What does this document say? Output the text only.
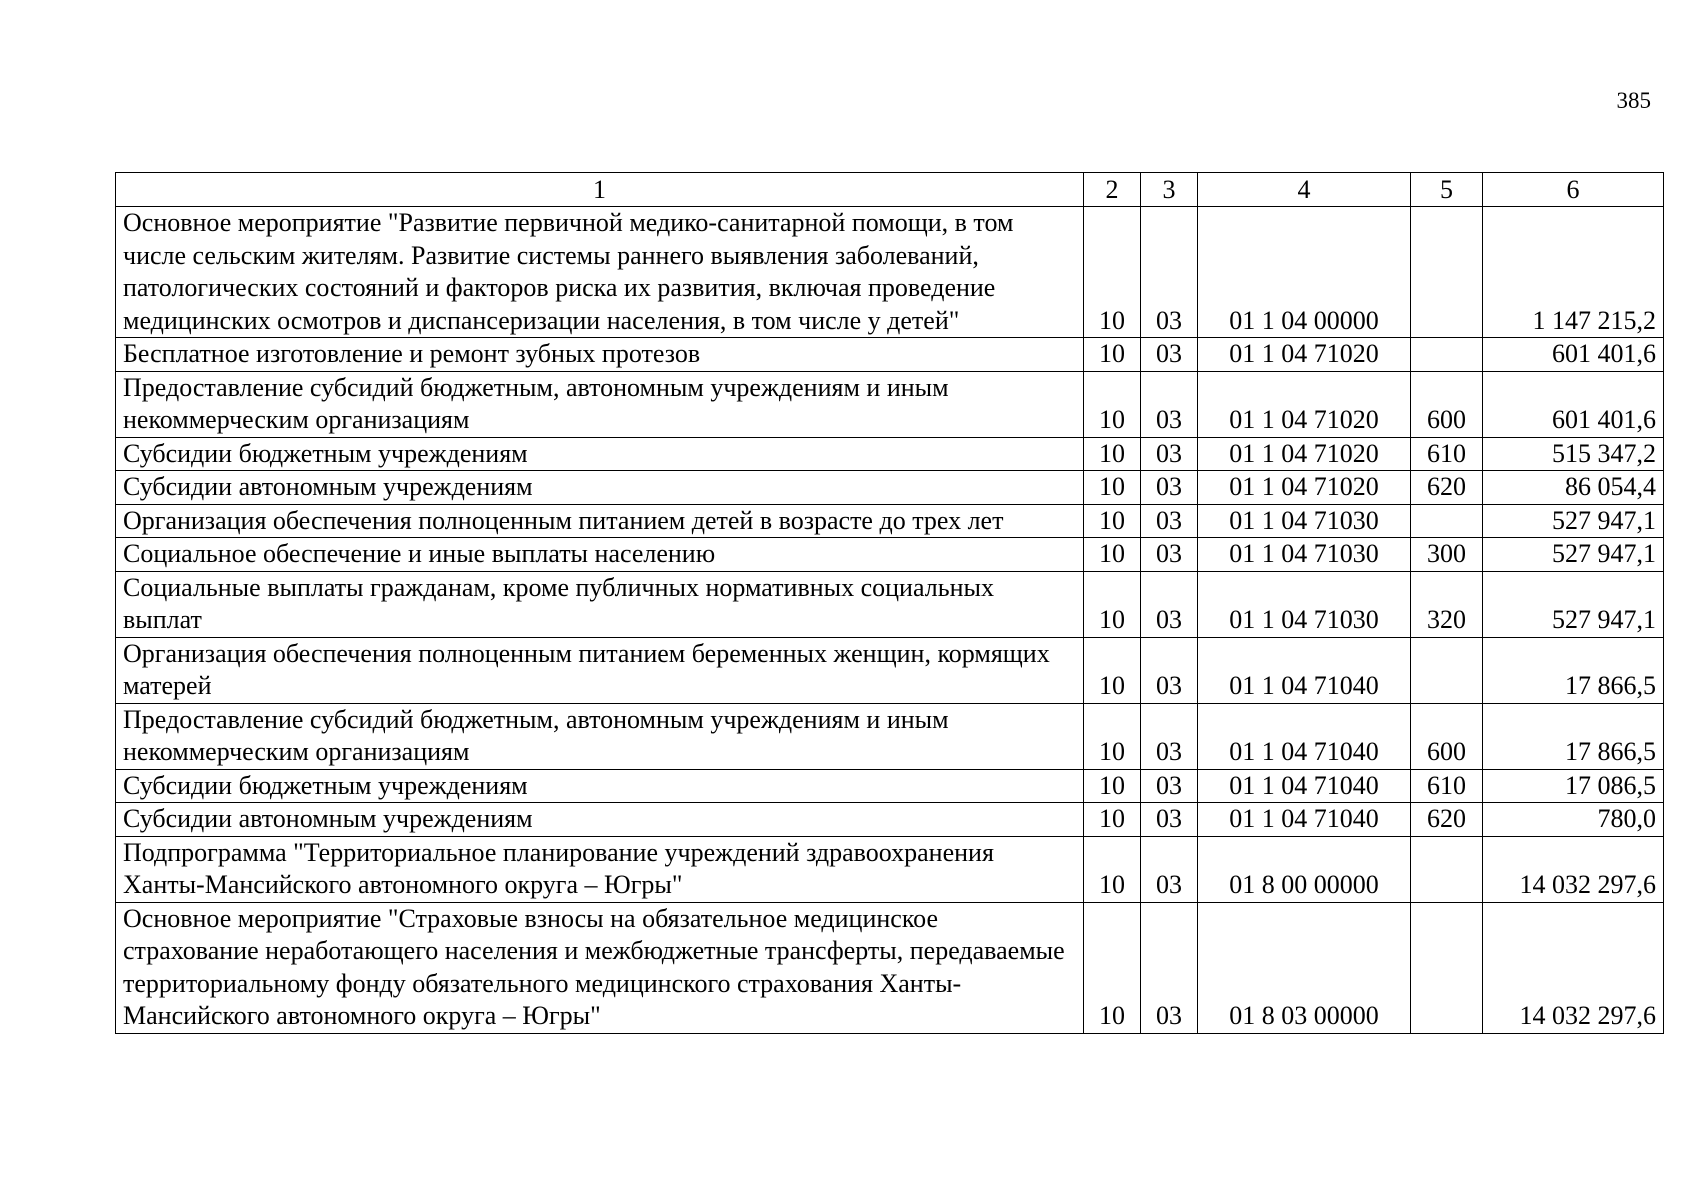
385
1	2	3	4	5	6
Основное мероприятие "Развитие первичной медико-санитарной помощи, в том числе сельским жителям. Развитие системы раннего выявления заболеваний, патологических состояний и факторов риска их развития, включая проведение медицинских осмотров и диспансеризации населения, в том числе у детей"	10	03	01 1 04 00000		1 147 215,2
Бесплатное изготовление и ремонт зубных протезов	10	03	01 1 04 71020		601 401,6
Предоставление субсидий бюджетным, автономным учреждениям и иным некоммерческим организациям	10	03	01 1 04 71020	600	601 401,6
Субсидии бюджетным учреждениям	10	03	01 1 04 71020	610	515 347,2
Субсидии автономным учреждениям	10	03	01 1 04 71020	620	86 054,4
Организация обеспечения полноценным питанием детей в возрасте до трех лет	10	03	01 1 04 71030		527 947,1
Социальное обеспечение и иные выплаты населению	10	03	01 1 04 71030	300	527 947,1
Социальные выплаты гражданам, кроме публичных нормативных социальных выплат	10	03	01 1 04 71030	320	527 947,1
Организация обеспечения полноценным питанием беременных женщин, кормящих матерей	10	03	01 1 04 71040		17 866,5
Предоставление субсидий бюджетным, автономным учреждениям и иным некоммерческим организациям	10	03	01 1 04 71040	600	17 866,5
Субсидии бюджетным учреждениям	10	03	01 1 04 71040	610	17 086,5
Субсидии автономным учреждениям	10	03	01 1 04 71040	620	780,0
Подпрограмма "Территориальное планирование учреждений здравоохранения Ханты-Мансийского автономного округа – Югры"	10	03	01 8 00 00000		14 032 297,6
Основное мероприятие "Страховые взносы на обязательное медицинское страхование неработающего населения и межбюджетные трансферты, передаваемые территориальному фонду обязательного медицинского страхования Ханты-Мансийского автономного округа – Югры"	10	03	01 8 03 00000		14 032 297,6
